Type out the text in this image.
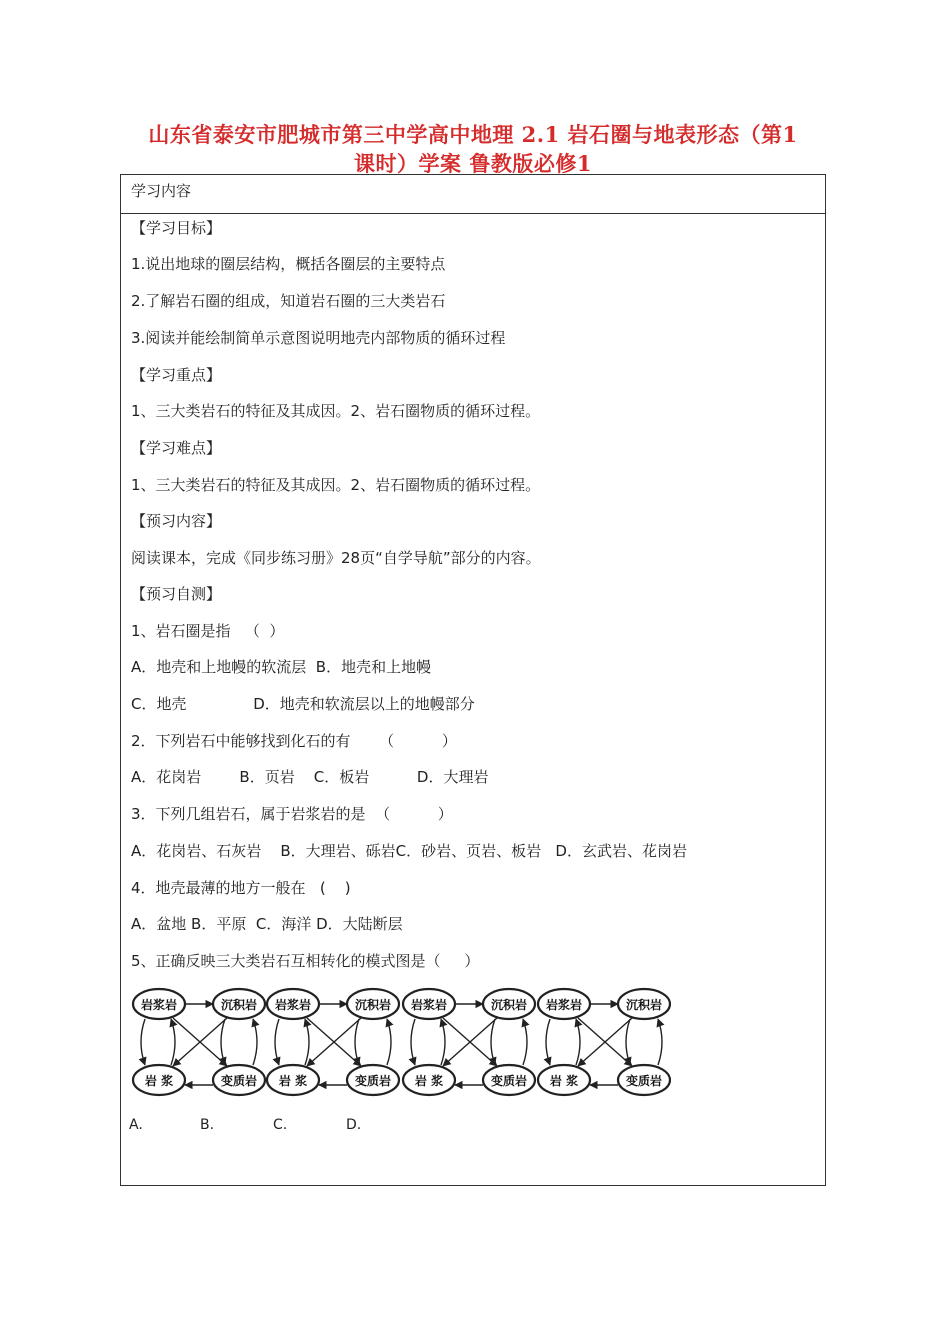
山东省泰安市肥城市第三中学高中地理 2.1 岩石圈与地表形态（第1
课时）学案 鲁教版必修1
学习内容
【学习目标】
1.说出地球的圈层结构，概括各圈层的主要特点
2.了解岩石圈的组成，知道岩石圈的三大类岩石
3.阅读并能绘制简单示意图说明地壳内部物质的循环过程
【学习重点】
1、三大类岩石的特征及其成因。2、岩石圈物质的循环过程。
【学习难点】
1、三大类岩石的特征及其成因。2、岩石圈物质的循环过程。
【预习内容】
阅读课本，完成《同步练习册》28页“自学导航”部分的内容。
【预习自测】
1、岩石圈是指   （  ）
A．地壳和上地幔的软流层  B．地壳和上地幔
C．地壳              D．地壳和软流层以上的地幔部分
2．下列岩石中能够找到化石的有      （          ）
A．花岗岩        B．页岩    C．板岩          D．大理岩
3．下列几组岩石，属于岩浆岩的是  （          ）
A．花岗岩、石灰岩    B．大理岩、砾岩C．砂岩、页岩、板岩   D．玄武岩、花岗岩
4．地壳最薄的地方一般在   (    )
A．盆地 B．平原  C．海洋 D．大陆断层
5、正确反映三大类岩石互相转化的模式图是（     ）
岩浆岩	沉积岩
岩 浆	变质岩
岩浆岩	沉积岩
岩 浆	变质岩
岩浆岩	沉积岩
岩 浆	变质岩
岩浆岩	沉积岩
岩 浆	变质岩
A.	B.	C.	D.
